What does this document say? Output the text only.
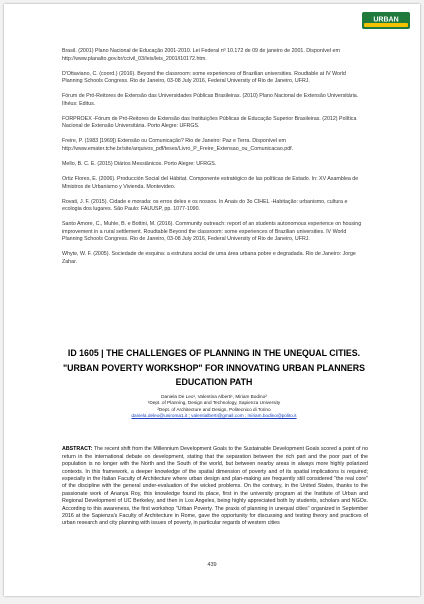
URBAN

Brasil. (2001) Plano Nacional de Educação 2001-2010. Lei Federal nº 10.172 de 09 de janeiro de 2001. Disponível em http://www.planalto.gov.br/ccivil_03/leis/leis_2001/l10172.htm.

D'Ottaviano, C. (coord.) (2016). Beyond the classroom: some experiences of Brazilian universities. Roudtable at IV World Planning Schools Congress. Rio de Janeiro, 03-08 July 2016, Federal University of Rio de Janeiro, UFRJ.

Fórum de Pró-Reitores de Extensão das Universidades Públicas Brasileiras. (2010) Plano Nacional de Extensão Universitária. Ilhéus: Editus.

FORPROEX -Fórum de Pró-Reitores de Extensão das Instituições Públicas de Educação Superior Brasileiras. (2012) Política Nacional de Extensão Universitária. Porto Alegre: UFRGS.

Freire, P. (1983 [1969]) Extensão ou Comunicação? Rio de Janeiro: Paz e Terra. Disponível em http://www.emater.tche.br/site/arquivos_pdf/teses/Livro_P_Freire_Extensao_ou_Comunicacao.pdf.

Mello, B. C. E. (2015) Diários Messiânicos. Porto Alegre: UFRGS.

Ortiz Flores, E. (2006). Producción Social del Hábitat. Componente estratégico de las políticas de Estado. In: XV Asamblea de Ministros de Urbanismo y Vivienda. Montevideo.

Rovati, J. F. (2015). Cidade e morada: os erros deles e os nossos. In Anais do 3o CIHEL -Habitação: urbanismo, cultura e ecologia dos lugares. São Paulo: FAUUSP, pp. 1077-1090.

Santo Amore, C., Muhle, B. e Bottini, M. (2016). Community outreach: report of an students autonomous experience on housing improvement in a rural settlement. Roudtable Beyond the classroom: some experiences of Brazilian universities. IV World Planning Schools Congress. Rio de Janeiro, 03-08 July 2016, Federal University of Rio de Janeiro, UFRJ.

Whyte, W. F. (2005). Sociedade de esquina: a estrutura social de uma área urbana pobre e degradada. Rio de Janeiro: Jorge Zahar.

ID 1605 | THE CHALLENGES OF PLANNING IN THE UNEQUAL CITIES. "URBAN POVERTY WORKSHOP" FOR INNOVATING URBAN PLANNERS EDUCATION PATH
Daniela De Leo¹, Valentina Alberti¹, Miriam Bodino²
¹Dept. of Planning, Design and Technology, Sapienza University
²Dept. of Architecture and Design, Politecnico di Torino
daniela.deleo@uniroma1.it ; valentialberti@gmail.com ; miriam.bodino@polito.it

ABSTRACT: The recent shift from the Millennium Development Goals to the Sustainable Development Goals scored a point of no return in the international debate on development, stating that the separation between the rich part and the poor part of the population is no longer with the North and the South of the world, but between nearby areas in always more highly polarized contexts. In this framework, a deeper knowledge of the spatial dimension of poverty and of its spatial implications is required; especially in the Italian Faculty of Architecture where urban design and plan-making are frequently still considered "the real core" of the discipline with the general under-evaluation of the wicked problems. On the contrary, in the United States, thanks to the passionate work of Ananya Roy, this knowledge found its place, first in the university program at the Institute of Urban and Regional Development of UC Berkeley, and then in Los Angeles, being highly appreciated both by students, scholars and NGOs. According to this awareness, the first workshop "Urban Poverty. The praxis of planning in unequal cities" organized in September 2016 at the Sapienza's Faculty of Architecture in Rome, gave the opportunity for discussing and testing theory and practices of urban research and city planning with issues of poverty, in particular regards of western cities

439
